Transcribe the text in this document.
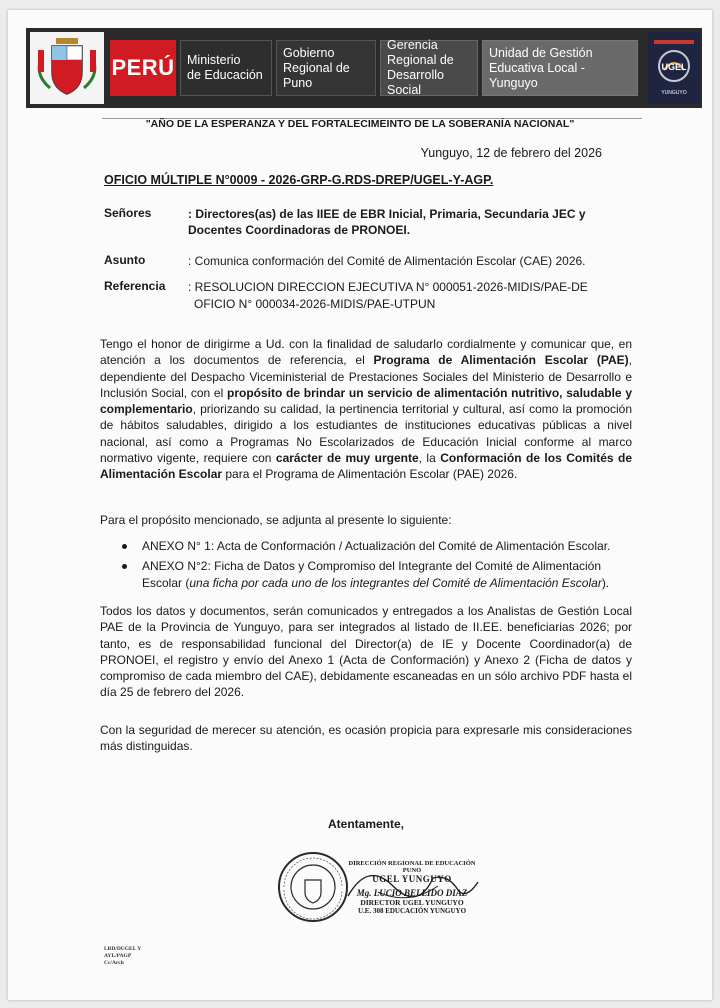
PERÚ Ministerio
de Educación
Gobierno
Regional de Puno
Gerencia
Regional de
Desarrollo Social
Unidad de Gestión
Educativa Local - Yunguyo
UGEL
YUNGUYO
"AÑO DE LA ESPERANZA Y DEL FORTALECIMEINTO DE LA SOBERANÍA NACIONAL"
Yunguyo, 12 de febrero del 2026
OFICIO MÚLTIPLE N°0009 - 2026-GRP-G.RDS-DREP/UGEL-Y-AGP.
Señores	: Directores(as) de las IIEE de EBR Inicial, Primaria, Secundaria JEC y Docentes Coordinadoras de PRONOEI.
Asunto	: Comunica conformación del Comité de Alimentación Escolar (CAE) 2026.
Referencia : RESOLUCION DIRECCION EJECUTIVA N° 000051-2026-MIDIS/PAE-DE
OFICIO N° 000034-2026-MIDIS/PAE-UTPUN
Tengo el honor de dirigirme a Ud. con la finalidad de saludarlo cordialmente y comunicar que, en atención a los documentos de referencia, el Programa de Alimentación Escolar (PAE), dependiente del Despacho Viceministerial de Prestaciones Sociales del Ministerio de Desarrollo e Inclusión Social, con el propósito de brindar un servicio de alimentación nutritivo, saludable y complementario, priorizando su calidad, la pertinencia territorial y cultural, así como la promoción de hábitos saludables, dirigido a los estudiantes de instituciones educativas públicas a nivel nacional, así como a Programas No Escolarizados de Educación Inicial conforme al marco normativo vigente, requiere con carácter de muy urgente, la Conformación de los Comités de Alimentación Escolar para el Programa de Alimentación Escolar (PAE) 2026.
Para el propósito mencionado, se adjunta al presente lo siguiente:
ANEXO N° 1: Acta de Conformación / Actualización del Comité de Alimentación Escolar.
ANEXO N°2: Ficha de Datos y Compromiso del Integrante del Comité de Alimentación Escolar (una ficha por cada uno de los integrantes del Comité de Alimentación Escolar).
Todos los datos y documentos, serán comunicados y entregados a los Analistas de Gestión Local PAE de la Provincia de Yunguyo, para ser integrados al listado de II.EE. beneficiarias 2026; por tanto, es de responsabilidad funcional del Director(a) de IE y Docente Coordinador(a) de PRONOEI, el registro y envío del Anexo 1 (Acta de Conformación) y Anexo 2 (Ficha de datos y compromiso de cada miembro del CAE), debidamente escaneadas en un sólo archivo PDF hasta el día 25 de febrero del 2026.
Con la seguridad de merecer su atención, es ocasión propicia para expresarle mis consideraciones más distinguidas.
Atentamente,
DIRECCIÓN REGIONAL DE EDUCACIÓN PUNO
UGEL YUNGUYO
Mg. LUCIO BELLIDO DIAZ
DIRECTOR UGEL YUNGUYO
U.E. 308 EDUCACIÓN YUNGUYO
LBD/DUGEL Y
AYL/PAGP
Cc/Arch
